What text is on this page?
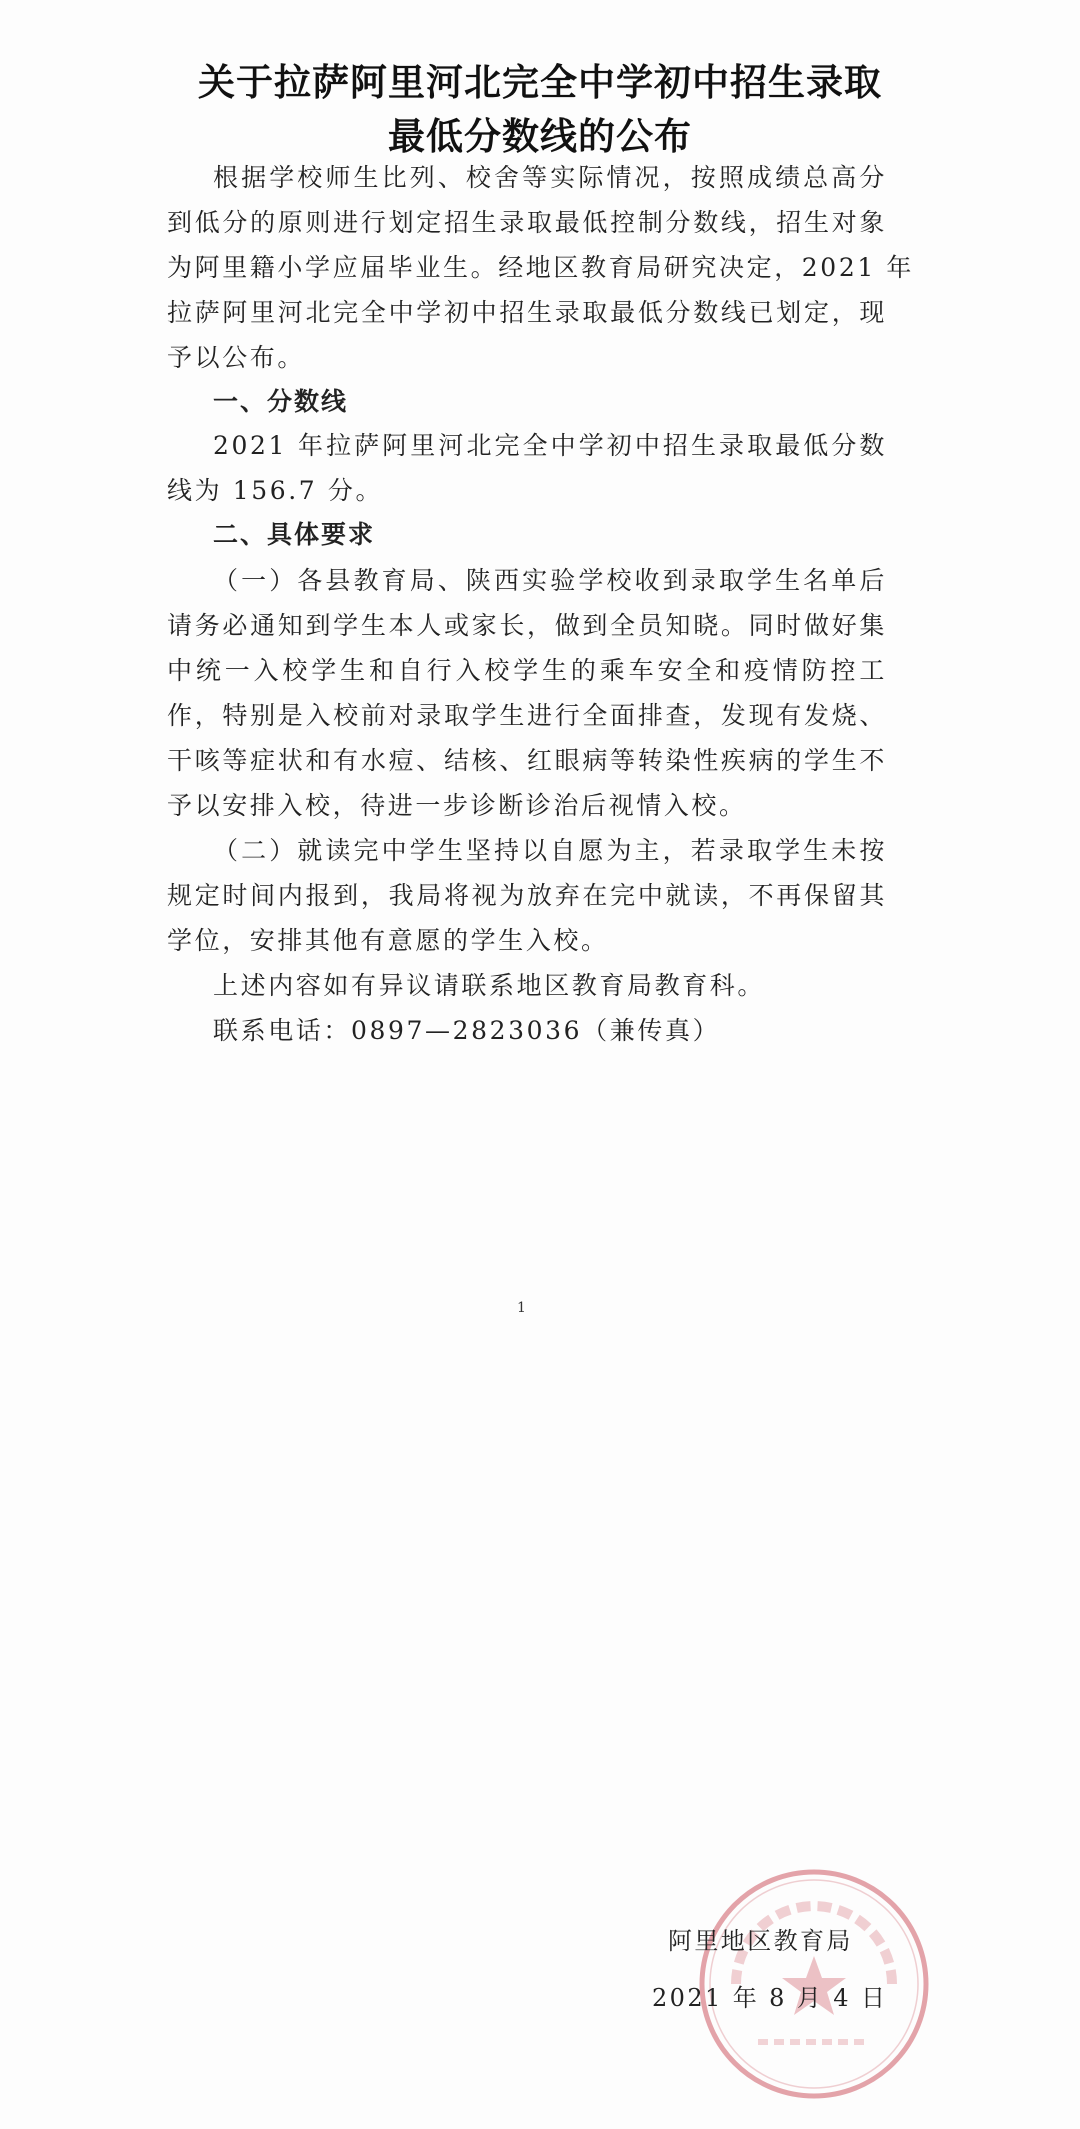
关于拉萨阿里河北完全中学初中招生录取
最低分数线的公布
根据学校师生比列、校舍等实际情况，按照成绩总高分
到低分的原则进行划定招生录取最低控制分数线，招生对象
为阿里籍小学应届毕业生。经地区教育局研究决定，2021 年
拉萨阿里河北完全中学初中招生录取最低分数线已划定，现
予以公布。
一、分数线
2021 年拉萨阿里河北完全中学初中招生录取最低分数
线为 156.7 分。
二、具体要求
（一）各县教育局、陕西实验学校收到录取学生名单后
请务必通知到学生本人或家长，做到全员知晓。同时做好集
中统一入校学生和自行入校学生的乘车安全和疫情防控工
作，特别是入校前对录取学生进行全面排查，发现有发烧、
干咳等症状和有水痘、结核、红眼病等转染性疾病的学生不
予以安排入校，待进一步诊断诊治后视情入校。
（二）就读完中学生坚持以自愿为主，若录取学生未按
规定时间内报到，我局将视为放弃在完中就读，不再保留其
学位，安排其他有意愿的学生入校。
上述内容如有异议请联系地区教育局教育科。
联系电话：0897—2823036（兼传真）
1
阿里地区教育局
2021 年 8 月 4 日
